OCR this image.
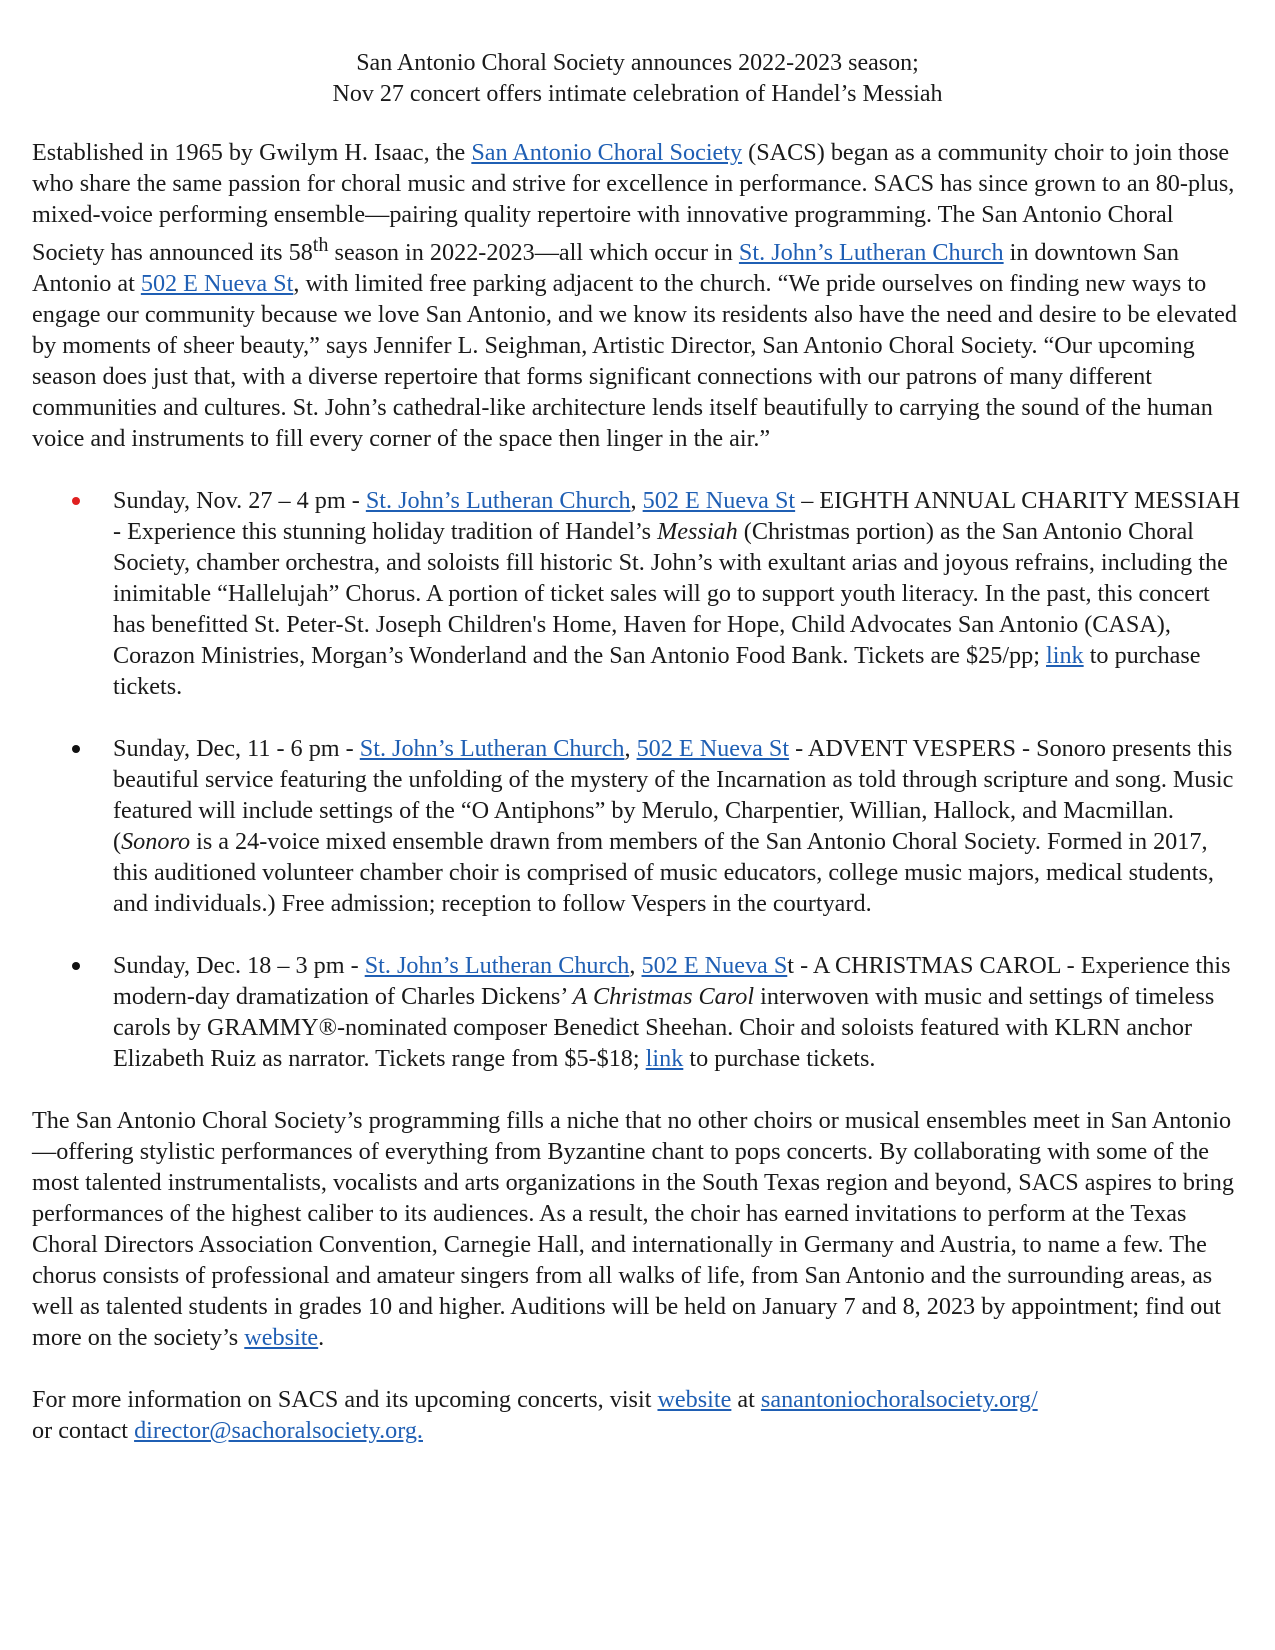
San Antonio Choral Society announces 2022-2023 season;
Nov 27 concert offers intimate celebration of Handel’s Messiah

Established in 1965 by Gwilym H. Isaac, the San Antonio Choral Society (SACS) began as a community choir to join those who share the same passion for choral music and strive for excellence in performance. SACS has since grown to an 80-plus, mixed-voice performing ensemble—pairing quality repertoire with innovative programming. The San Antonio Choral Society has announced its 58th season in 2022-2023—all which occur in St. John’s Lutheran Church in downtown San Antonio at 502 E Nueva St, with limited free parking adjacent to the church. “We pride ourselves on finding new ways to engage our community because we love San Antonio, and we know its residents also have the need and desire to be elevated by moments of sheer beauty,” says Jennifer L. Seighman, Artistic Director, San Antonio Choral Society. “Our upcoming season does just that, with a diverse repertoire that forms significant connections with our patrons of many different communities and cultures. St. John’s cathedral-like architecture lends itself beautifully to carrying the sound of the human voice and instruments to fill every corner of the space then linger in the air.”

Sunday, Nov. 27 – 4 pm - St. John’s Lutheran Church, 502 E Nueva St – EIGHTH ANNUAL CHARITY MESSIAH - Experience this stunning holiday tradition of Handel’s Messiah (Christmas portion) as the San Antonio Choral Society, chamber orchestra, and soloists fill historic St. John’s with exultant arias and joyous refrains, including the inimitable “Hallelujah” Chorus. A portion of ticket sales will go to support youth literacy. In the past, this concert has benefitted St. Peter-St. Joseph Children's Home, Haven for Hope, Child Advocates San Antonio (CASA), Corazon Ministries, Morgan’s Wonderland and the San Antonio Food Bank. Tickets are $25/pp; link to purchase tickets.
Sunday, Dec, 11 - 6 pm - St. John’s Lutheran Church, 502 E Nueva St - ADVENT VESPERS - Sonoro presents this beautiful service featuring the unfolding of the mystery of the Incarnation as told through scripture and song. Music featured will include settings of the “O Antiphons” by Merulo, Charpentier, Willian, Hallock, and Macmillan. (Sonoro is a 24-voice mixed ensemble drawn from members of the San Antonio Choral Society. Formed in 2017, this auditioned volunteer chamber choir is comprised of music educators, college music majors, medical students, and individuals.) Free admission; reception to follow Vespers in the courtyard.
Sunday, Dec. 18 – 3 pm - St. John’s Lutheran Church, 502 E Nueva St - A CHRISTMAS CAROL - Experience this modern-day dramatization of Charles Dickens’ A Christmas Carol interwoven with music and settings of timeless carols by GRAMMY®-nominated composer Benedict Sheehan. Choir and soloists featured with KLRN anchor Elizabeth Ruiz as narrator. Tickets range from $5-$18; link to purchase tickets.

The San Antonio Choral Society’s programming fills a niche that no other choirs or musical ensembles meet in San Antonio—offering stylistic performances of everything from Byzantine chant to pops concerts. By collaborating with some of the most talented instrumentalists, vocalists and arts organizations in the South Texas region and beyond, SACS aspires to bring performances of the highest caliber to its audiences. As a result, the choir has earned invitations to perform at the Texas Choral Directors Association Convention, Carnegie Hall, and internationally in Germany and Austria, to name a few. The chorus consists of professional and amateur singers from all walks of life, from San Antonio and the surrounding areas, as well as talented students in grades 10 and higher. Auditions will be held on January 7 and 8, 2023 by appointment; find out more on the society’s website.

For more information on SACS and its upcoming concerts, visit website at sanantoniochoralsociety.org/
or contact director@sachoralsociety.org.
